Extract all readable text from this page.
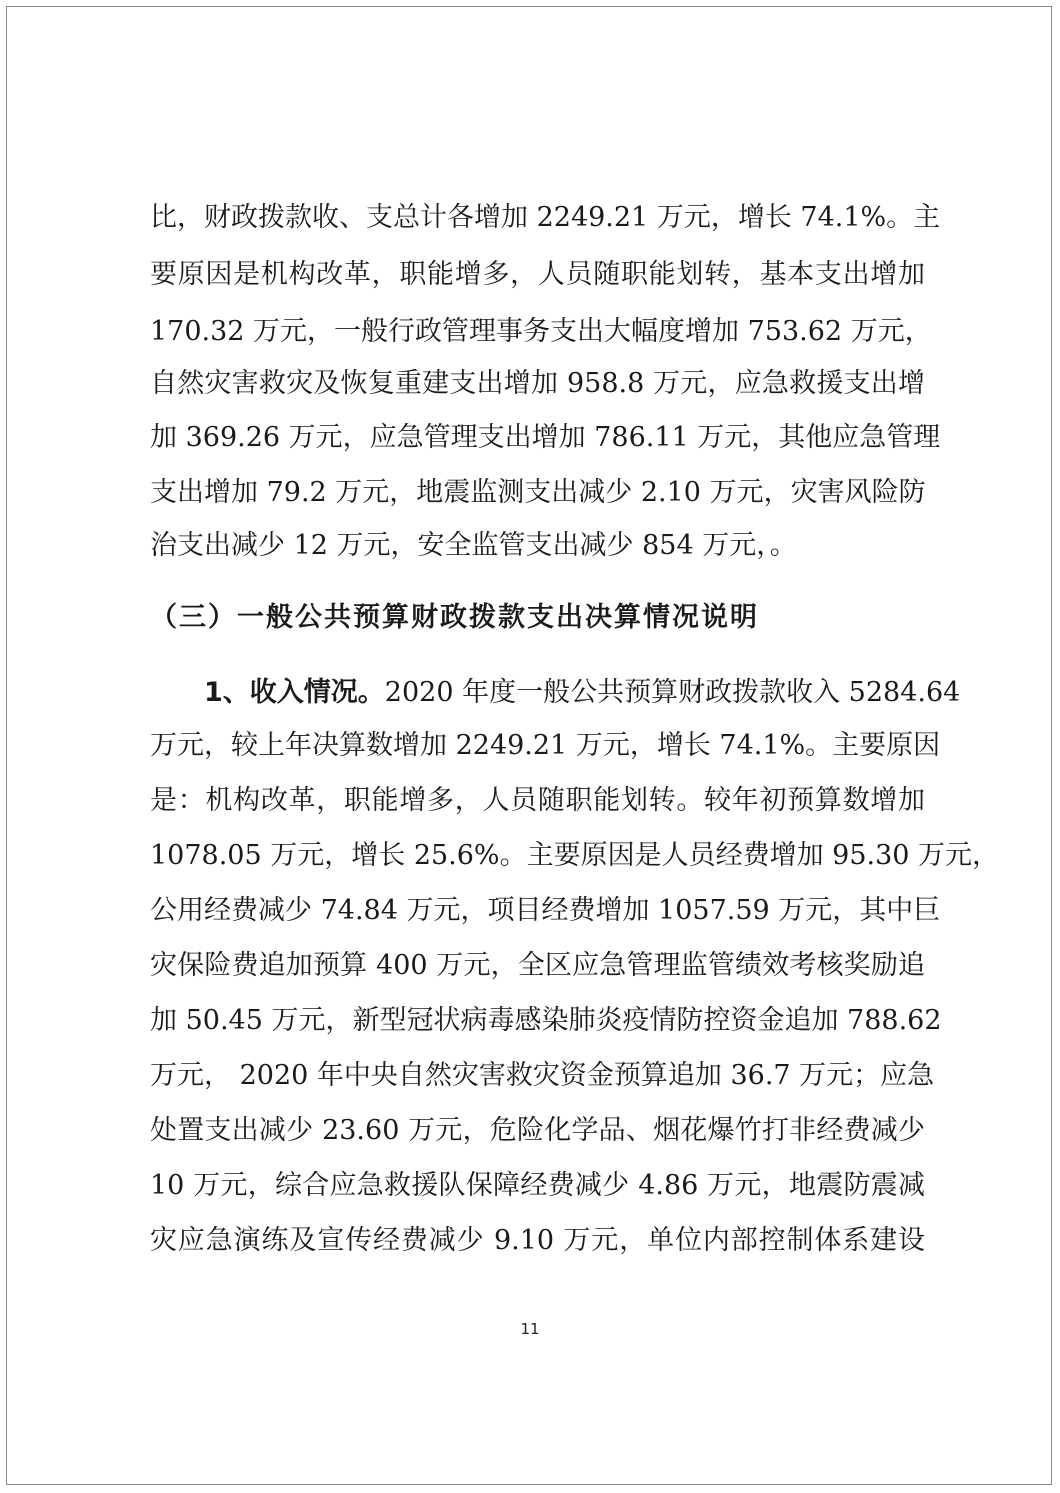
比，财政拨款收、支总计各增加 2249.21 万元，增长 74.1%。主
要原因是机构改革，职能增多，人员随职能划转，基本支出增加
170.32 万元，一般行政管理事务支出大幅度增加 753.62 万元，
自然灾害救灾及恢复重建支出增加 958.8 万元，应急救援支出增
加 369.26 万元，应急管理支出增加 786.11 万元，其他应急管理
支出增加 79.2 万元，地震监测支出减少 2.10 万元，灾害风险防
治支出减少 12 万元，安全监管支出减少 854 万元，。
（三）一般公共预算财政拨款支出决算情况说明
1、收入情况。2020 年度一般公共预算财政拨款收入 5284.64
万元，较上年决算数增加 2249.21 万元，增长 74.1%。主要原因
是：机构改革，职能增多，人员随职能划转。较年初预算数增加
1078.05 万元，增长 25.6%。主要原因是人员经费增加 95.30 万元，
公用经费减少 74.84 万元，项目经费增加 1057.59 万元，其中巨
灾保险费追加预算 400 万元，全区应急管理监管绩效考核奖励追
加 50.45 万元，新型冠状病毒感染肺炎疫情防控资金追加 788.62
万元， 2020 年中央自然灾害救灾资金预算追加 36.7 万元；应急
处置支出减少 23.60 万元，危险化学品、烟花爆竹打非经费减少
10 万元，综合应急救援队保障经费减少 4.86 万元，地震防震减
灾应急演练及宣传经费减少 9.10 万元，单位内部控制体系建设
11
